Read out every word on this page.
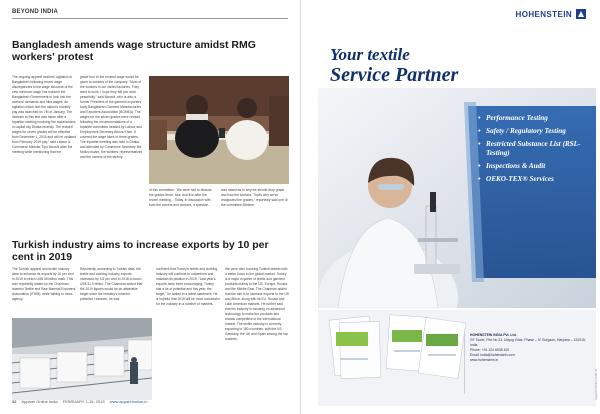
BEYOND INDIA
Bangladesh amends wage structure amidst RMG workers' protest
The ongoing apparel workers' agitation in Bangladesh following recent wage discrepancies in the wage structure of the new minimum wage has induced the Bangladesh Government to look into the workers' demands and hike wages. An agitation which hurt the nation's monthly pay was launched on 7th of January. The decision to this end was taken after a tripartite meeting involving the stakeholders in capital city Dhaka recently. The revised wages for seven grades will be effective from December 1, 2018 and will be updated from February 2019 pay," said Labour & Commerce Minister Tipu Munshi after the meeting while mentioning that the
grade four to the revised wage would be given to workers of the company. "Most of the workers in our visited factories. They want to work. I hope they will join work peacefully," said Munshi, who is also a former President of the garment exporters' body Bangladesh Garment Manufacturers and Exporters Association (BGMEA). The wages for the seven grades were revised following the recommendations of a tripartite committee headed by Labour and Employment Secretary Afroza Khan. It covered the wage hikes of three grades. The tripartite meeting was held in Dhaka and attended by Commerce Secretary Md Mofizul Islam, the workers' representatives and the owners of the factory.
of this committee. "We were told to discuss the grades three, four, and five after the recent meeting... Today, in discussion with both the owners and workers, a question
was raised as to why we should drop grade and how the workers. That's why we've readjusted the grades," reportedly said one of the committee Minister.
Turkish industry aims to increase exports by 10 per cent in 2019
The Turkish apparel and textile industry aims to enhance its exports by 10 per cent in 2019 to reach US$ 35 billion mark. This was reportedly stated by the Chairman, Istanbul Textile and Raw Material Exporters' Association (İTHİB), while talking to news agency.
Reportedly, according to Turkish data, the textile and clothing industry exports increased by 3.6 per cent in 2018 to touch US$ 31.9 billion. The Chairman added that the 2019 figures would be an attainable target since the industry's inherent potential. However, he was
confident that Turkey's textile and clothing industry will continue to outperform and maintain its position in 2019. "Last year's exports have been encouraging; Turkey has a lot of potential and this year, the target," he stated in a latest statement. He is hopeful that 2019 will be more successful for the industry in a number of markets.
We were also focusing Turkish brands with a better focus in the global market. Turkey is a major exporter of textile and garment products mainly to the US, Europe, Russia, and the Middle East. The Chairman added that the aim is to increase exports to the US and Africa, along with its EU, Russia and Latin American markets. He further said that the industry is focusing on advanced technology to make the products and brands competitive in the international market. The textile industry is currently exporting to 180 countries, with the US, Germany, the UK and Spain among the top markets.
32 Apparel Online India FEBRUARY 1-15, 2019 www.apparelonline.in
HOHENSTEIN
Your textile
Service Partner
• Performance Testing
• Safety / Regulatory Testing
• Restricted Substance List (RSL-Testing)
• Inspections & Audit
• OEKO-TEX® Services
HOHENSTEIN INDIA Pvt. Ltd.
GF Tower, Plot No 23, Udyog Vihar, Phase – IV Gurgaon, Haryana – 122015, India
Phone: +91 124 6938 400
Email: india@hohenstein.com
www.hohenstein.in
Apparel Online India 33
